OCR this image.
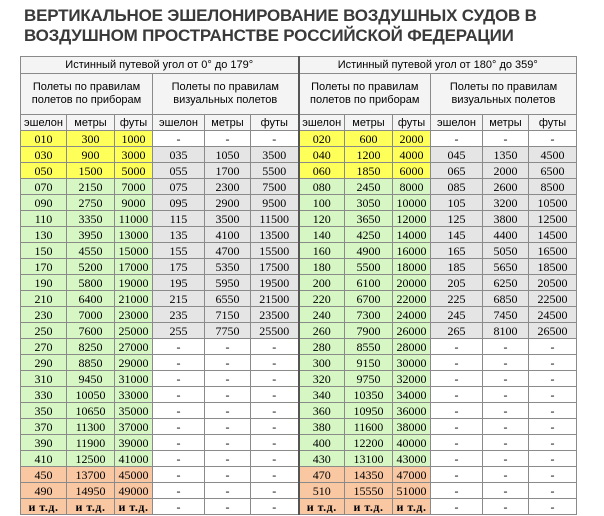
ВЕРТИКАЛЬНОЕ ЭШЕЛОНИРОВАНИЕ ВОЗДУШНЫХ СУДОВ В ВОЗДУШНОМ ПРОСТРАНСТВЕ РОССИЙСКОЙ ФЕДЕРАЦИИ
Истинный путевой угол от 0° до 179°						Истинный путевой угол от 180° до 359°					
Полеты по правилам полетов по приборам			Полеты по правилам визуальных полетов			Полеты по правилам полетов по приборам			Полеты по правилам визуальных полетов		
эшелон	метры	футы	эшелон	метры	футы	эшелон	метры	футы	эшелон	метры	футы
010	300	1000	-	-	-	020	600	2000	-	-	-
030	900	3000	035	1050	3500	040	1200	4000	045	1350	4500
050	1500	5000	055	1700	5500	060	1850	6000	065	2000	6500
070	2150	7000	075	2300	7500	080	2450	8000	085	2600	8500
090	2750	9000	095	2900	9500	100	3050	10000	105	3200	10500
110	3350	11000	115	3500	11500	120	3650	12000	125	3800	12500
130	3950	13000	135	4100	13500	140	4250	14000	145	4400	14500
150	4550	15000	155	4700	15500	160	4900	16000	165	5050	16500
170	5200	17000	175	5350	17500	180	5500	18000	185	5650	18500
190	5800	19000	195	5950	19500	200	6100	20000	205	6250	20500
210	6400	21000	215	6550	21500	220	6700	22000	225	6850	22500
230	7000	23000	235	7150	23500	240	7300	24000	245	7450	24500
250	7600	25000	255	7750	25500	260	7900	26000	265	8100	26500
270	8250	27000	-	-	-	280	8550	28000	-	-	-
290	8850	29000	-	-	-	300	9150	30000	-	-	-
310	9450	31000	-	-	-	320	9750	32000	-	-	-
330	10050	33000	-	-	-	340	10350	34000	-	-	-
350	10650	35000	-	-	-	360	10950	36000	-	-	-
370	11300	37000	-	-	-	380	11600	38000	-	-	-
390	11900	39000	-	-	-	400	12200	40000	-	-	-
410	12500	41000	-	-	-	430	13100	43000	-	-	-
450	13700	45000	-	-	-	470	14350	47000	-	-	-
490	14950	49000	-	-	-	510	15550	51000	-	-	-
и т.д.	и т.д.	и т.д.	-	-	-	и т.д.	и т.д.	и т.д.	-	-	-
